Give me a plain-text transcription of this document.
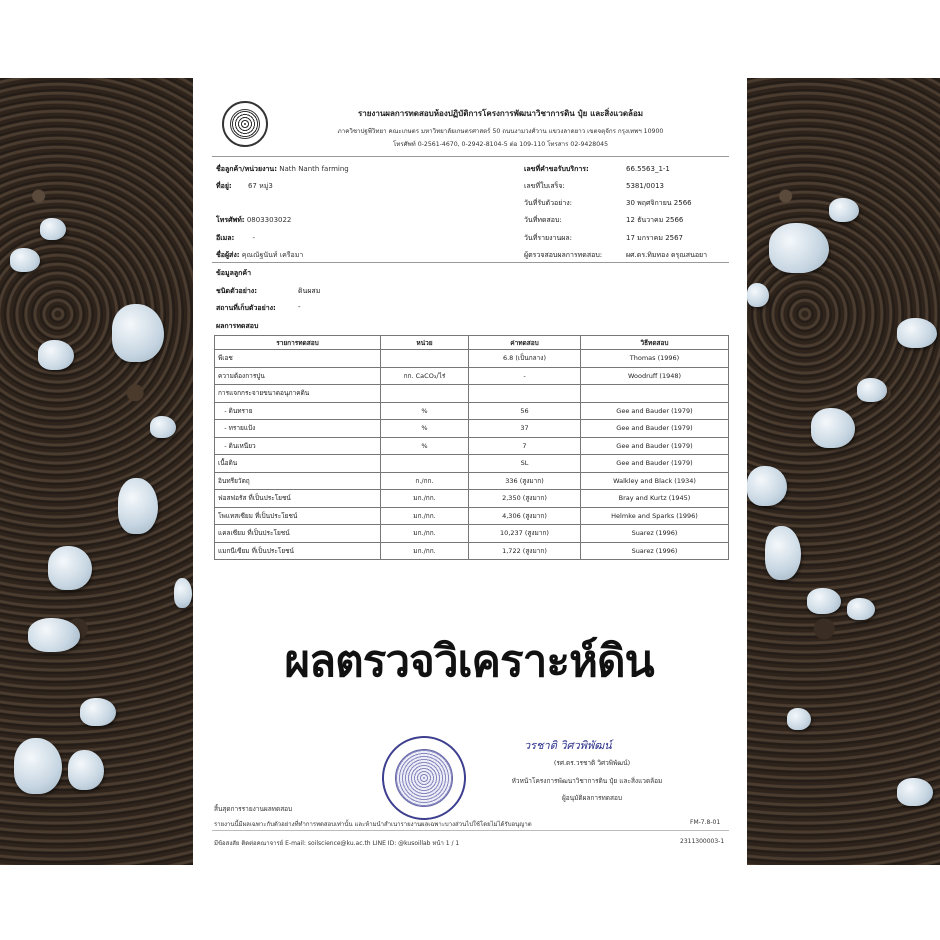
รายงานผลการทดสอบห้องปฏิบัติการโครงการพัฒนาวิชาการดิน ปุ๋ย และสิ่งแวดล้อม
ภาควิชาปฐพีวิทยา คณะเกษตร มหาวิทยาลัยเกษตรศาสตร์ 50 ถนนงามวงศ์วาน แขวงลาดยาว เขตจตุจักร กรุงเทพฯ 10900
โทรศัพท์ 0-2561-4670, 0-2942-8104-5 ต่อ 109-110 โทรสาร 02-9428045
ชื่อลูกค้า/หน่วยงาน: Nath Nanth farming
ที่อยู่: 67 หมู่3
โทรศัพท์: 0803303022
อีเมล:	-
ชื่อผู้ส่ง: คุณณัฐนันท์ เครือมา
เลขที่คำขอรับบริการ:	66.5563_1-1
เลขที่ใบเสร็จ:	5381/0013
วันที่รับตัวอย่าง:	30 พฤศจิกายน 2566
วันที่ทดสอบ:	12 ธันวาคม 2566
วันที่รายงานผล:	17 มกราคม 2567
ผู้ตรวจสอบผลการทดสอบ:	ผศ.ดร.ทิมทอง ดรุณสนอยา
ข้อมูลลูกค้า
ชนิดตัวอย่าง:	ดินผสม
สถานที่เก็บตัวอย่าง:	-
ผลการทดสอบ
รายการทดสอบ	หน่วย	ค่าทดสอบ	วิธีทดสอบ
พีเอช		6.8 (เป็นกลาง)	Thomas (1996)
ความต้องการปูน	กก. CaCO₃/ไร่	-	Woodruff (1948)
การแจกกระจายขนาดอนุภาคดิน			
- ดินทราย	%	56	Gee and Bauder (1979)
- ทรายแป้ง	%	37	Gee and Bauder (1979)
- ดินเหนียว	%	7	Gee and Bauder (1979)
เนื้อดิน		SL	Gee and Bauder (1979)
อินทรียวัตถุ	ก./กก.	336 (สูงมาก)	Walkley and Black (1934)
ฟอสฟอรัส ที่เป็นประโยชน์	มก./กก.	2,350 (สูงมาก)	Bray and Kurtz (1945)
โพแทสเซียม ที่เป็นประโยชน์	มก./กก.	4,306 (สูงมาก)	Helmke and Sparks (1996)
แคลเซียม ที่เป็นประโยชน์	มก./กก.	10,237 (สูงมาก)	Suarez (1996)
แมกนีเซียม ที่เป็นประโยชน์	มก./กก.	1,722 (สูงมาก)	Suarez (1996)
ผลตรวจวิเคราะห์ดิน
วรชาติ วิศวพิพัฒน์
(รศ.ดร.วรชาติ วิศวพิพัฒน์)
หัวหน้าโครงการพัฒนาวิชาการดิน ปุ๋ย และสิ่งแวดล้อม
ผู้อนุมัติผลการทดสอบ
สิ้นสุดการรายงานผลทดสอบ
รายงานนี้มีผลเฉพาะกับตัวอย่างที่ทำการทดสอบเท่านั้น และห้ามนำสำเนารายงานผลเฉพาะบางส่วนไปใช้โดยไม่ได้รับอนุญาต	FM-7.8-01
มีข้อสงสัย ติดต่อคณาจารย์ E-mail: soilscience@ku.ac.th LINE ID: @kusoillab หน้า 1 / 1	2311300003-1
